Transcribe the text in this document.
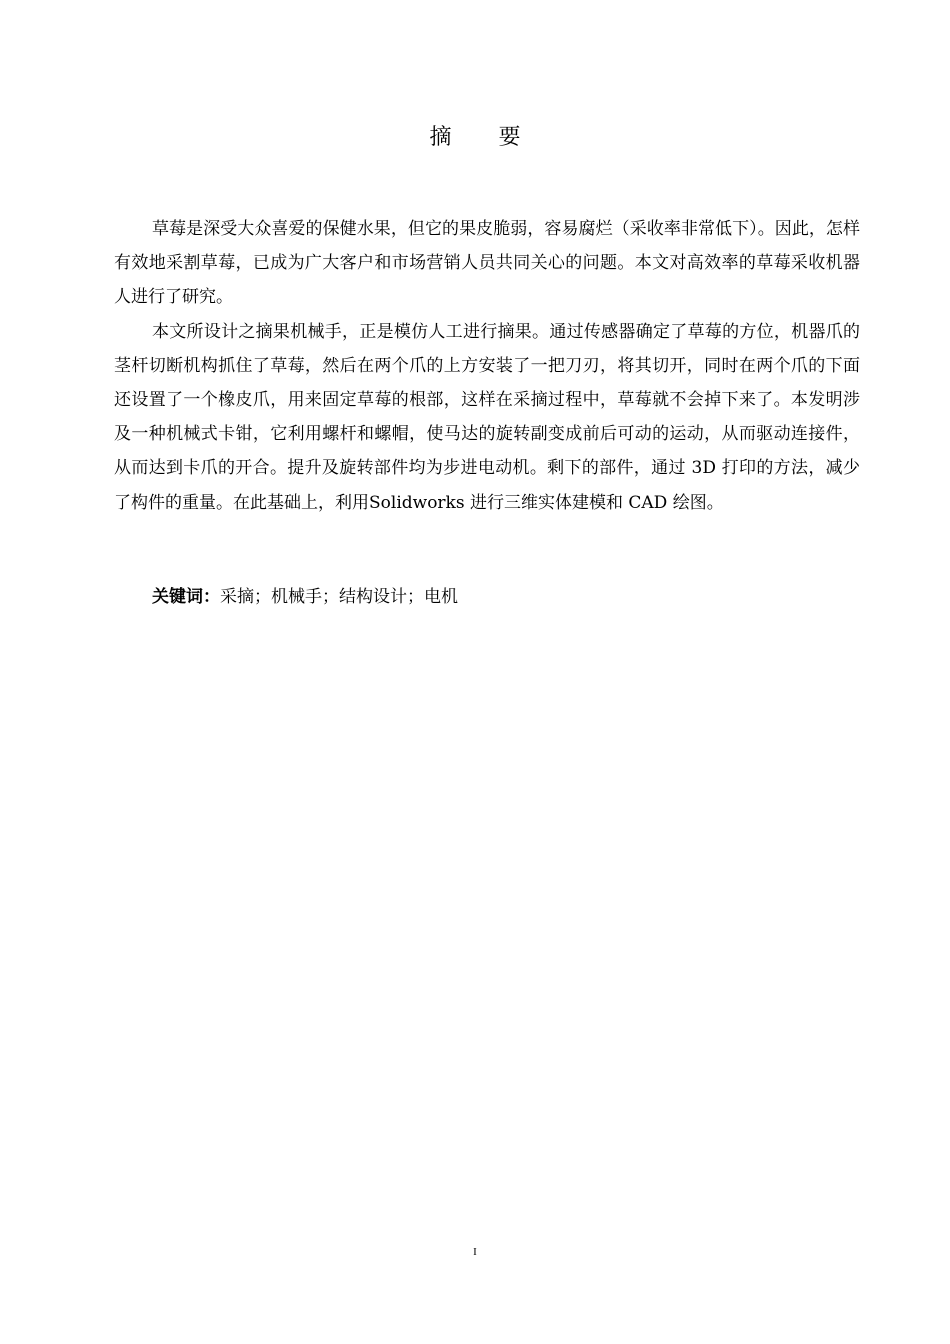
摘 要

草莓是深受大众喜爱的保健水果，但它的果皮脆弱，容易腐烂（采收率非常低下）。因此，怎样有效地采割草莓，已成为广大客户和市场营销人员共同关心的问题。本文对高效率的草莓采收机器人进行了研究。

本文所设计之摘果机械手，正是模仿人工进行摘果。通过传感器确定了草莓的方位，机器爪的茎杆切断机构抓住了草莓，然后在两个爪的上方安装了一把刀刃，将其切开，同时在两个爪的下面还设置了一个橡皮爪，用来固定草莓的根部，这样在采摘过程中，草莓就不会掉下来了。本发明涉及一种机械式卡钳，它利用螺杆和螺帽，使马达的旋转副变成前后可动的运动，从而驱动连接件，从而达到卡爪的开合。提升及旋转部件均为步进电动机。剩下的部件，通过 3D 打印的方法，减少了构件的重量。在此基础上，利用Solidworks 进行三维实体建模和 CAD 绘图。

关键词：采摘；机械手；结构设计；电机
I
